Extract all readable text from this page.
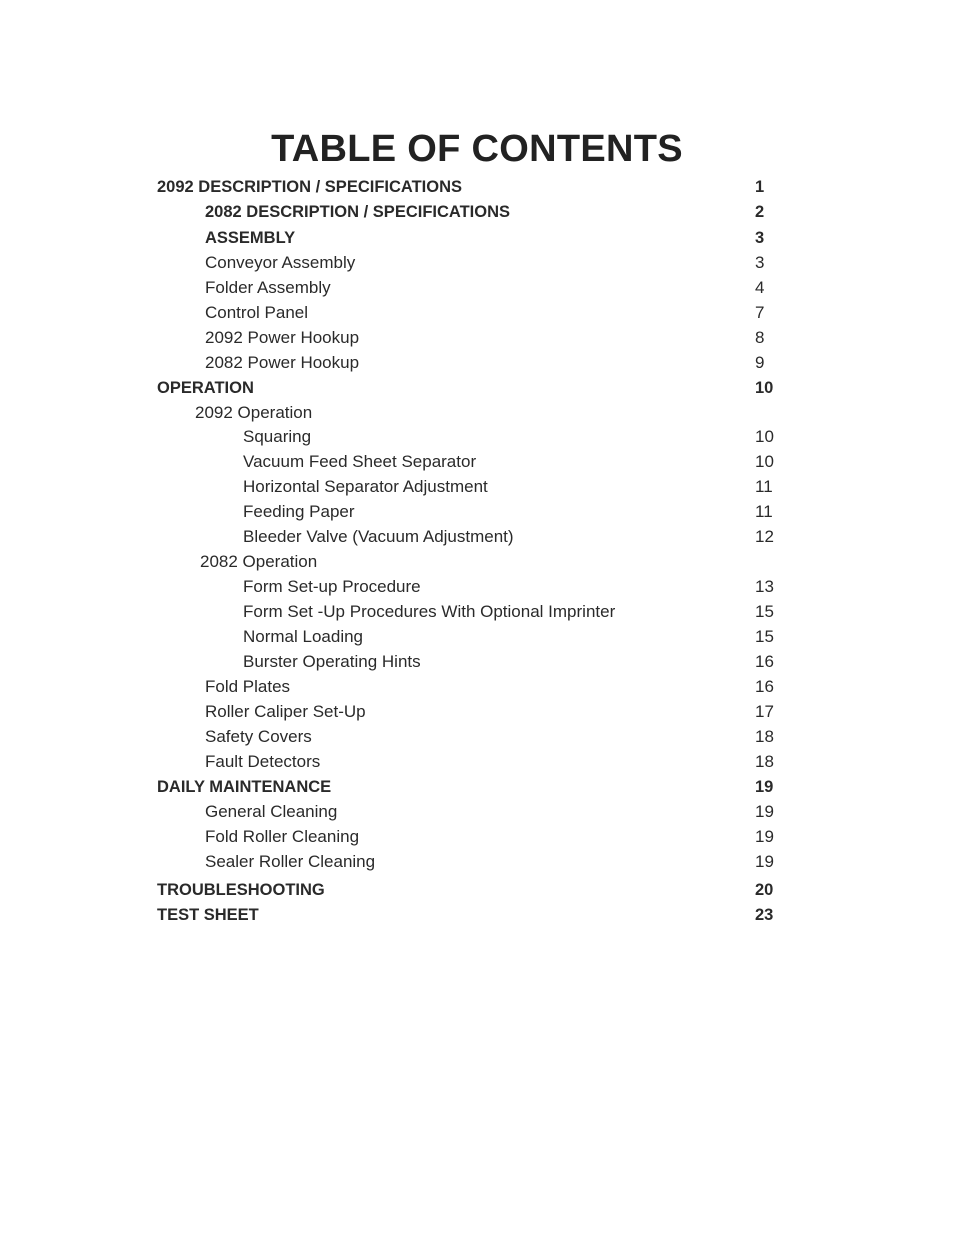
TABLE OF CONTENTS
2092 DESCRIPTION / SPECIFICATIONS	1
2082 DESCRIPTION / SPECIFICATIONS	2
ASSEMBLY	3
Conveyor Assembly	3
Folder Assembly	4
Control Panel	7
2092 Power Hookup	8
2082 Power Hookup	9
OPERATION	10
2092 Operation
Squaring	10
Vacuum Feed Sheet Separator	10
Horizontal Separator Adjustment	11
Feeding Paper	11
Bleeder Valve (Vacuum Adjustment)	12
2082 Operation
Form Set-up Procedure	13
Form Set -Up Procedures With Optional Imprinter	15
Normal Loading	15
Burster Operating Hints	16
Fold Plates	16
Roller Caliper Set-Up	17
Safety Covers	18
Fault Detectors	18
DAILY MAINTENANCE	19
General Cleaning	19
Fold Roller Cleaning	19
Sealer Roller Cleaning	19
TROUBLESHOOTING	20
TEST SHEET	23
